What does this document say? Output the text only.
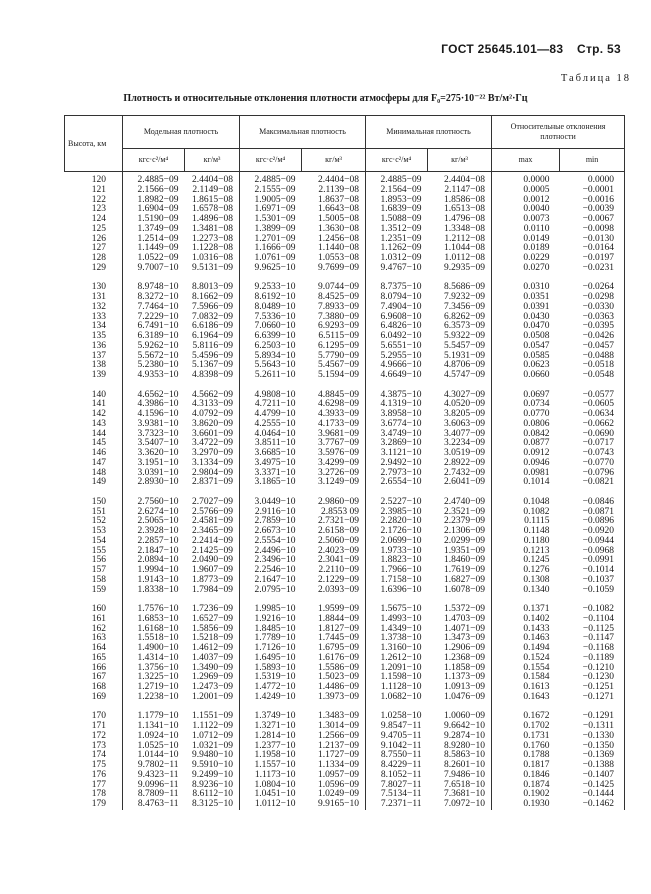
ГОСТ 25645.101—83 Стр. 53
Таблица 18
Плотность и относительные отклонения плотности атмосферы для F₀=275·10⁻²² Вт/м²·Гц
Высота, км	Модельная плотность		Максимальная плотность		Минимальная плотность		Относительные отклонения плотности	
	кгс·с²/м⁴	кг/м³	кгс·с²/м⁴	кг/м³	кгс·с²/м⁴	кг/м³	max	min
120	2.4885−09	2.4404−08	2.4885−09	2.4404−08	2.4885−09	2.4404−08	0.0000	0.0000
121	2.1566−09	2.1149−08	2.1555−09	2.1139−08	2.1564−09	2.1147−08	0.0005	−0.0001
122	1.8982−09	1.8615−08	1.9005−09	1.8637−08	1.8953−09	1.8586−08	0.0012	−0.0016
123	1.6904−09	1.6578−08	1.6971−09	1.6643−08	1.6839−09	1.6513−08	0.0040	−0.0039
124	1.5190−09	1.4896−08	1.5301−09	1.5005−08	1.5088−09	1.4796−08	0.0073	−0.0067
125	1.3749−09	1.3481−08	1.3899−09	1.3630−08	1.3512−09	1.3348−08	0.0110	−0.0098
126	1.2514−09	1.2273−08	1.2701−09	1.2456−08	1.2351−09	1.2112−08	0.0149	−0.0130
127	1.1449−09	1.1228−08	1.1666−09	1.1440−08	1.1262−09	1.1044−08	0.0189	−0.0164
128	1.0522−09	1.0316−08	1.0761−09	1.0553−08	1.0312−09	1.0112−08	0.0229	−0.0197
129	9.7007−10	9.5131−09	9.9625−10	9.7699−09	9.4767−10	9.2935−09	0.0270	−0.0231

130	8.9748−10	8.8013−09	9.2533−10	9.0744−09	8.7375−10	8.5686−09	0.0310	−0.0264
131	8.3272−10	8.1662−09	8.6192−10	8.4525−09	8.0794−10	7.9232−09	0.0351	−0.0298
132	7.7464−10	7.5966−09	8.0489−10	7.8933−09	7.4904−10	7.3456−09	0.0391	−0.0330
133	7.2229−10	7.0832−09	7.5336−10	7.3880−09	6.9608−10	6.8262−09	0.0430	−0.0363
134	6.7491−10	6.6186−09	7.0660−10	6.9293−09	6.4826−10	6.3573−09	0.0470	−0.0395
135	6.3189−10	6.1964−09	6.6399−10	6.5115−09	6.0492−10	5.9322−09	0.0508	−0.0426
136	5.9262−10	5.8116−09	6.2503−10	6.1295−09	5.6551−10	5.5457−09	0.0547	−0.0457
137	5.5672−10	5.4596−09	5.8934−10	5.7790−09	5.2955−10	5.1931−09	0.0585	−0.0488
138	5.2380−10	5.1367−09	5.5643−10	5.4567−09	4.9666−10	4.8706−09	0.0623	−0.0518
139	4.9353−10	4.8398−09	5.2611−10	5.1594−09	4.6649−10	4.5747−09	0.0660	−0.0548

140	4.6562−10	4.5662−09	4.9808−10	4.8845−09	4.3875−10	4.3027−09	0.0697	−0.0577
141	4.3986−10	4.3133−09	4.7211−10	4.6298−09	4.1319−10	4.0520−09	0.0734	−0.0605
142	4.1596−10	4.0792−09	4.4799−10	4.3933−09	3.8958−10	3.8205−09	0.0770	−0.0634
143	3.9381−10	3.8620−09	4.2555−10	4.1733−09	3.6774−10	3.6063−09	0.0806	−0.0662
144	3.7323−10	3.6601−09	4.0464−10	3.9681−09	3.4749−10	3.4077−09	0.0842	−0.0690
145	3.5407−10	3.4722−09	3.8511−10	3.7767−09	3.2869−10	3.2234−09	0.0877	−0.0717
146	3.3620−10	3.2970−09	3.6685−10	3.5976−09	3.1121−10	3.0519−09	0.0912	−0.0743
147	3.1951−10	3.1334−09	3.4975−10	3.4299−09	2.9492−10	2.8922−09	0.0946	−0.0770
148	3.0391−10	2.9804−09	3.3371−10	3.2726−09	2.7973−10	2.7432−09	0.0981	−0.0796
149	2.8930−10	2.8371−09	3.1865−10	3.1249−09	2.6554−10	2.6041−09	0.1014	−0.0821

150	2.7560−10	2.7027−09	3.0449−10	2.9860−09	2.5227−10	2.4740−09	0.1048	−0.0846
151	2.6274−10	2.5766−09	2.9116−10	2.8553 09	2.3985−10	2.3521−09	0.1082	−0.0871
152	2.5065−10	2.4581−09	2.7859−10	2.7321−09	2.2820−10	2.2379−09	0.1115	−0.0896
153	2.3928−10	2.3465−09	2.6673−10	2.6158−09	2.1726−10	2.1306−09	0.1148	−0.0920
154	2.2857−10	2.2414−09	2.5554−10	2.5060−09	2.0699−10	2.0299−09	0.1180	−0.0944
155	2.1847−10	2.1425−09	2.4496−10	2.4023−09	1.9733−10	1.9351−09	0.1213	−0.0968
156	2.0894−10	2.0490−09	2.3496−10	2.3041−09	1.8823−10	1.8460−09	0.1245	−0.0991
157	1.9994−10	1.9607−09	2.2546−10	2.2110−09	1.7966−10	1.7619−09	0.1276	−0.1014
158	1.9143−10	1.8773−09	2.1647−10	2.1229−09	1.7158−10	1.6827−09	0.1308	−0.1037
159	1.8338−10	1.7984−09	2.0795−10	2.0393−09	1.6396−10	1.6078−09	0.1340	−0.1059

160	1.7576−10	1.7236−09	1.9985−10	1.9599−09	1.5675−10	1.5372−09	0.1371	−0.1082
161	1.6853−10	1.6527−09	1.9216−10	1.8844−09	1.4993−10	1.4703−09	0.1402	−0.1104
162	1.6168−10	1.5856−09	1.8485−10	1.8127−09	1.4349−10	1.4071−09	0.1433	−0.1125
163	1.5518−10	1.5218−09	1.7789−10	1.7445−09	1.3738−10	1.3473−09	0.1463	−0.1147
164	1.4900−10	1.4612−09	1.7126−10	1.6795−09	1.3160−10	1.2906−09	0.1494	−0.1168
165	1.4314−10	1.4037−09	1.6495−10	1.6176−09	1.2612−10	1.2368−09	0.1524	−0.1189
166	1.3756−10	1.3490−09	1.5893−10	1.5586−09	1.2091−10	1.1858−09	0.1554	−0.1210
167	1.3225−10	1.2969−09	1.5319−10	1.5023−09	1.1598−10	1.1373−09	0.1584	−0.1230
168	1.2719−10	1.2473−09	1.4772−10	1.4486−09	1.1128−10	1.0913−09	0.1613	−0.1251
169	1.2238−10	1.2001−09	1.4249−10	1.3973−09	1.0682−10	1.0476−09	0.1643	−0.1271

170	1.1779−10	1.1551−09	1.3749−10	1.3483−09	1.0258−10	1.0060−09	0.1672	−0.1291
171	1.1341−10	1.1122−09	1.3271−10	1.3014−09	9.8547−11	9.6642−10	0.1702	−0.1311
172	1.0924−10	1.0712−09	1.2814−10	1.2566−09	9.4705−11	9.2874−10	0.1731	−0.1330
173	1.0525−10	1.0321−09	1.2377−10	1.2137−09	9.1042−11	8.9280−10	0.1760	−0.1350
174	1.0144−10	9.9480−10	1.1958−10	1.1727−09	8.7550−11	8.5863−10	0.1788	−0.1369
175	9.7802−11	9.5910−10	1.1557−10	1.1334−09	8.4229−11	8.2601−10	0.1817	−0.1388
176	9.4323−11	9.2499−10	1.1173−10	1.0957−09	8.1052−11	7.9486−10	0.1846	−0.1407
177	9.0996−11	8.9236−10	1.0804−10	1.0596−09	7.8027−11	7.6518−10	0.1874	−0.1425
178	8.7809−11	8.6112−10	1.0451−10	1.0249−09	7.5134−11	7.3681−10	0.1902	−0.1444
179	8.4763−11	8.3125−10	1.0112−10	9.9165−10	7.2371−11	7.0972−10	0.1930	−0.1462
